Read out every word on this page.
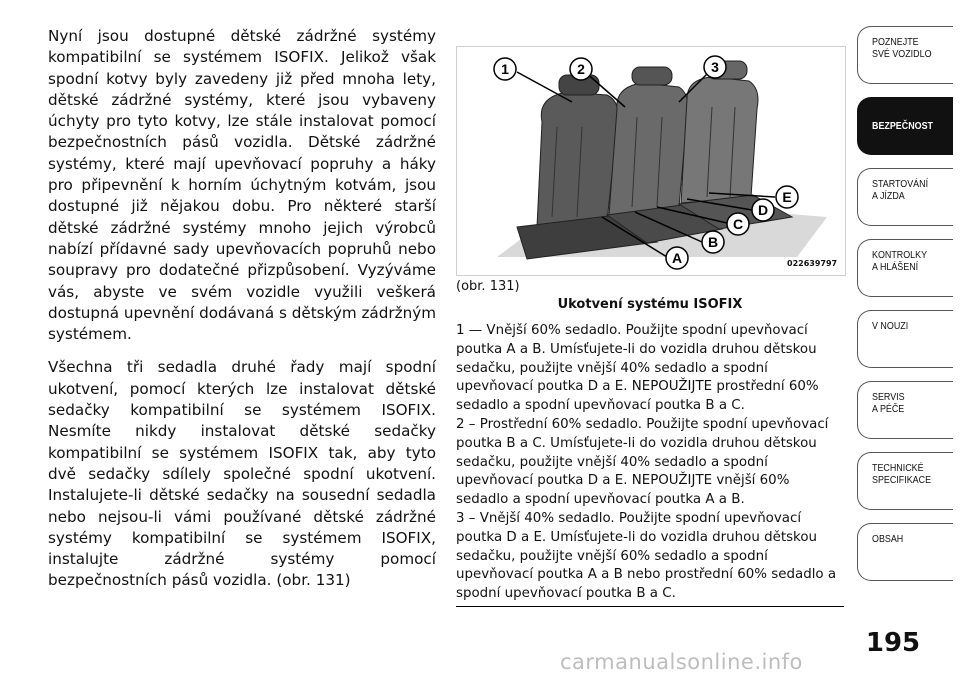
Nyní jsou dostupné dětské zádržné systémy kompatibilní se systémem ISOFIX. Jelikož však spodní kotvy byly zavedeny již před mnoha lety, dětské zádržné systémy, které jsou vybaveny úchyty pro tyto kotvy, lze stále instalovat pomocí bezpečnostních pásů vozidla. Dětské zádržné systémy, které mají upevňovací popruhy a háky pro připevnění k horním úchytným kotvám, jsou dostupné již nějakou dobu. Pro některé starší dětské zádržné systémy mnoho jejich výrobců nabízí přídavné sady upevňovacích popruhů nebo soupravy pro dodatečné přizpůsobení. Vyzýváme vás, abyste ve svém vozidle využili veškerá dostupná upevnění dodávaná s dětským zádržným systémem.

Všechna tři sedadla druhé řady mají spodní ukotvení, pomocí kterých lze instalovat dětské sedačky kompatibilní se systémem ISOFIX. Nesmíte nikdy instalovat dětské sedačky kompatibilní se systémem ISOFIX tak, aby tyto dvě sedačky sdílely společné spodní ukotvení. Instalujete-li dětské sedačky na sousední sedadla nebo nejsou-li vámi používané dětské zádržné systémy kompatibilní se systémem ISOFIX, instalujte zádržné systémy pomocí bezpečnostních pásů vozidla. (obr. 131)

1	2	3
A
B
C
D
E
022639797
(obr. 131)
Ukotvení systému ISOFIX

1 — Vnější 60% sedadlo. Použijte spodní upevňovací poutka A a B. Umísťujete-li do vozidla druhou dětskou sedačku, použijte vnější 40% sedadlo a spodní upevňovací poutka D a E. NEPOUŽIJTE prostřední 60% sedadlo a spodní upevňovací poutka B a C.

2 – Prostřední 60% sedadlo. Použijte spodní upevňovací poutka B a C. Umísťujete-li do vozidla druhou dětskou sedačku, použijte vnější 40% sedadlo a spodní upevňovací poutka D a E. NEPOUŽIJTE vnější 60% sedadlo a spodní upevňovací poutka A a B.

3 – Vnější 40% sedadlo. Použijte spodní upevňovací poutka D a E. Umísťujete-li do vozidla druhou dětskou sedačku, použijte vnější 60% sedadlo a spodní upevňovací poutka A a B nebo prostřední 60% sedadlo a spodní upevňovací poutka B a C.

POZNEJTE
SVÉ VOZIDLO
BEZPEČNOST
STARTOVÁNÍ
A JÍZDA
KONTROLKY
A HLÁŠENÍ
V NOUZI
SERVIS
A PÉČE
TECHNICKÉ
SPECIFIKACE
OBSAH
195
carmanualsonline.info
